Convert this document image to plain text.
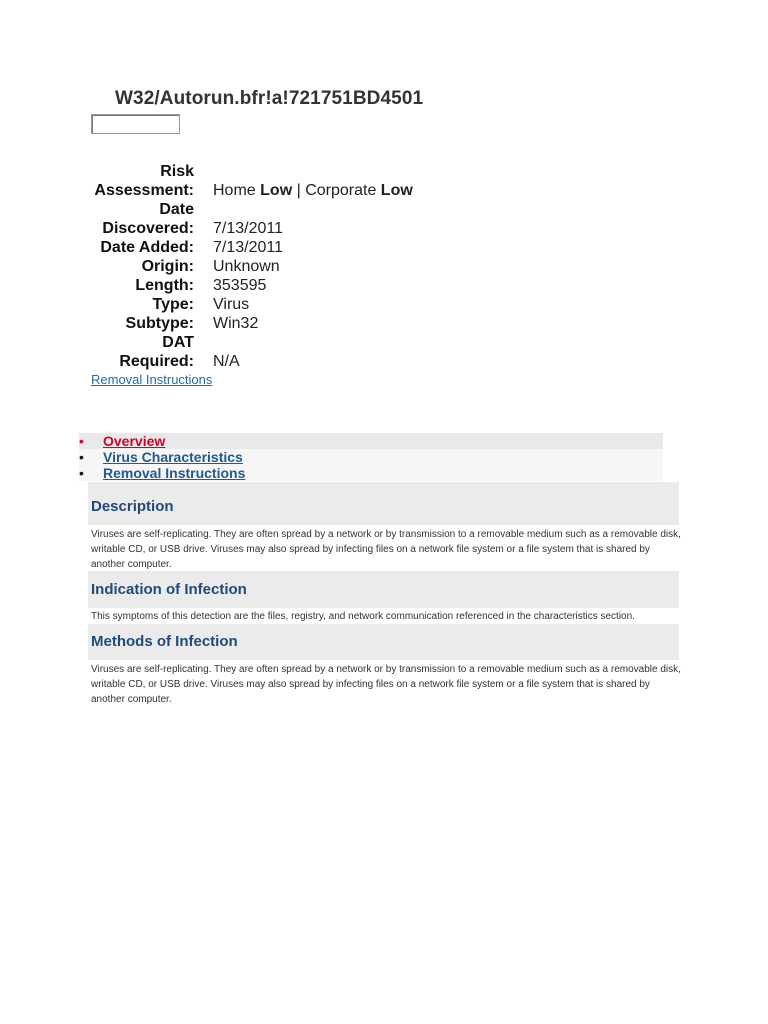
W32/Autorun.bfr!a!721751BD4501
Risk
Assessment:	Home Low | Corporate Low
Date
Discovered:	7/13/2011
Date Added:	7/13/2011
Origin:	Unknown
Length:	353595
Type:	Virus
Subtype:	Win32
DAT
Required:	N/A
Removal Instructions
•	Overview
•	Virus Characteristics
•	Removal Instructions
Description
Viruses are self-replicating. They are often spread by a network or by transmission to a removable medium such as a removable disk, writable CD, or USB drive. Viruses may also spread by infecting files on a network file system or a file system that is shared by another computer.
Indication of Infection
This symptoms of this detection are the files, registry, and network communication referenced in the characteristics section.
Methods of Infection
Viruses are self-replicating. They are often spread by a network or by transmission to a removable medium such as a removable disk, writable CD, or USB drive. Viruses may also spread by infecting files on a network file system or a file system that is shared by another computer.
